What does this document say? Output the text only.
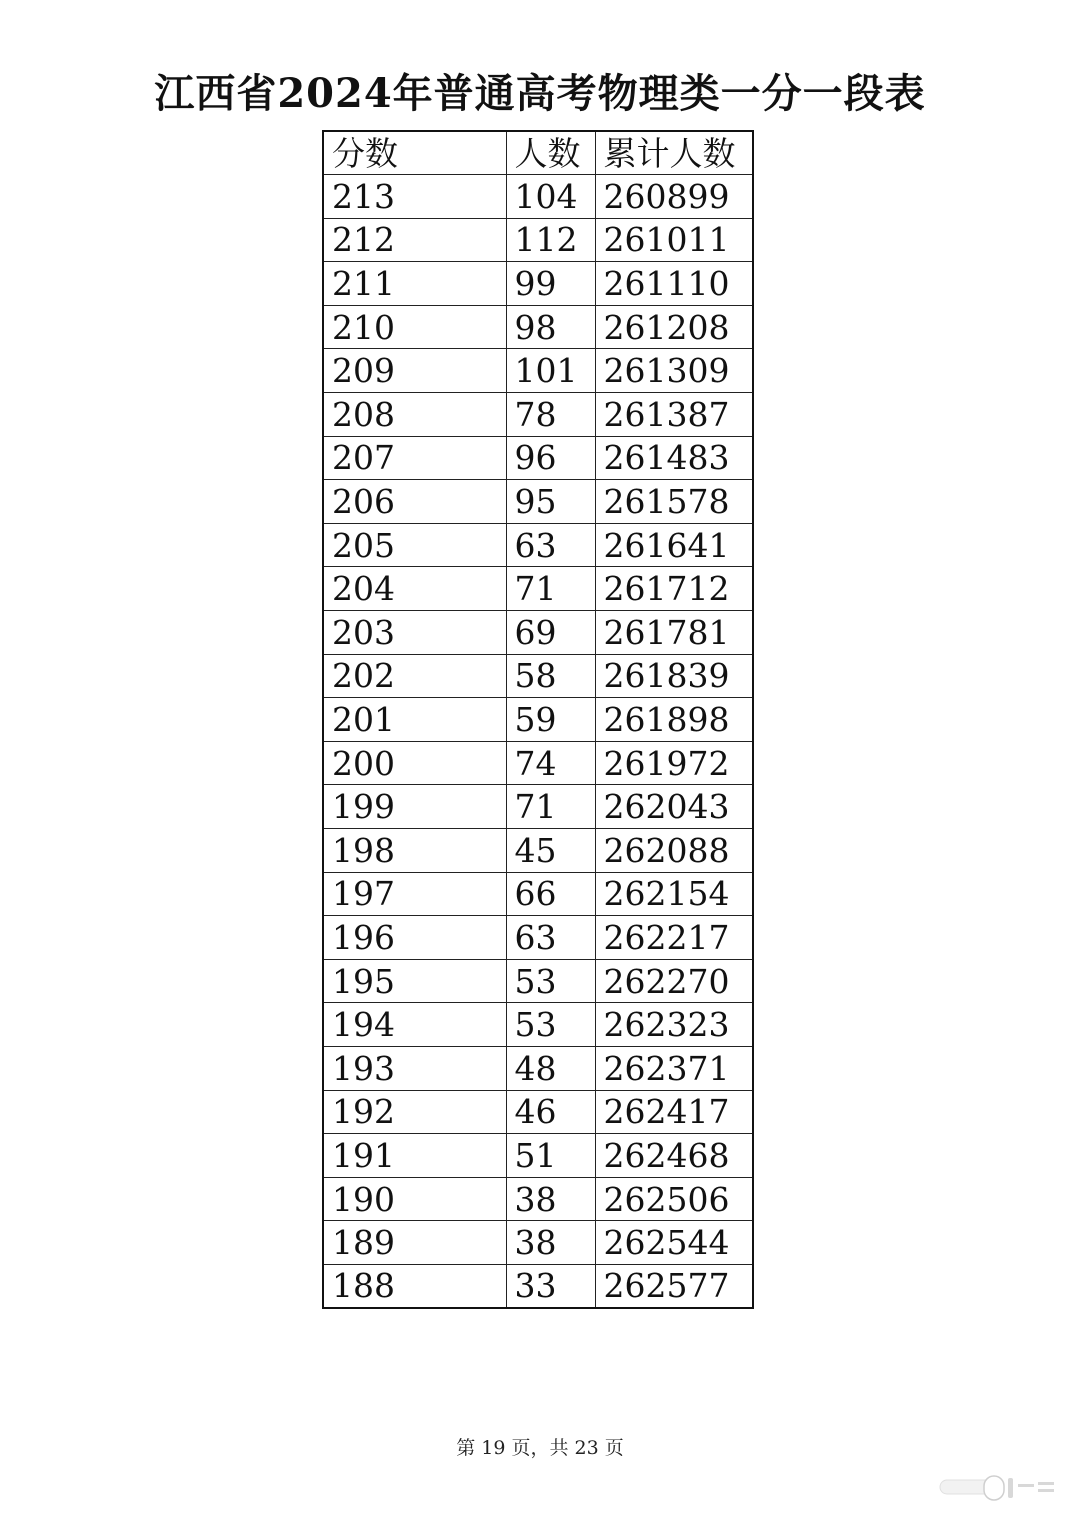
江西省2024年普通高考物理类一分一段表
分数	人数	累计人数
213	104	260899
212	112	261011
211	99	261110
210	98	261208
209	101	261309
208	78	261387
207	96	261483
206	95	261578
205	63	261641
204	71	261712
203	69	261781
202	58	261839
201	59	261898
200	74	261972
199	71	262043
198	45	262088
197	66	262154
196	63	262217
195	53	262270
194	53	262323
193	48	262371
192	46	262417
191	51	262468
190	38	262506
189	38	262544
188	33	262577
第 19 页，共 23 页
